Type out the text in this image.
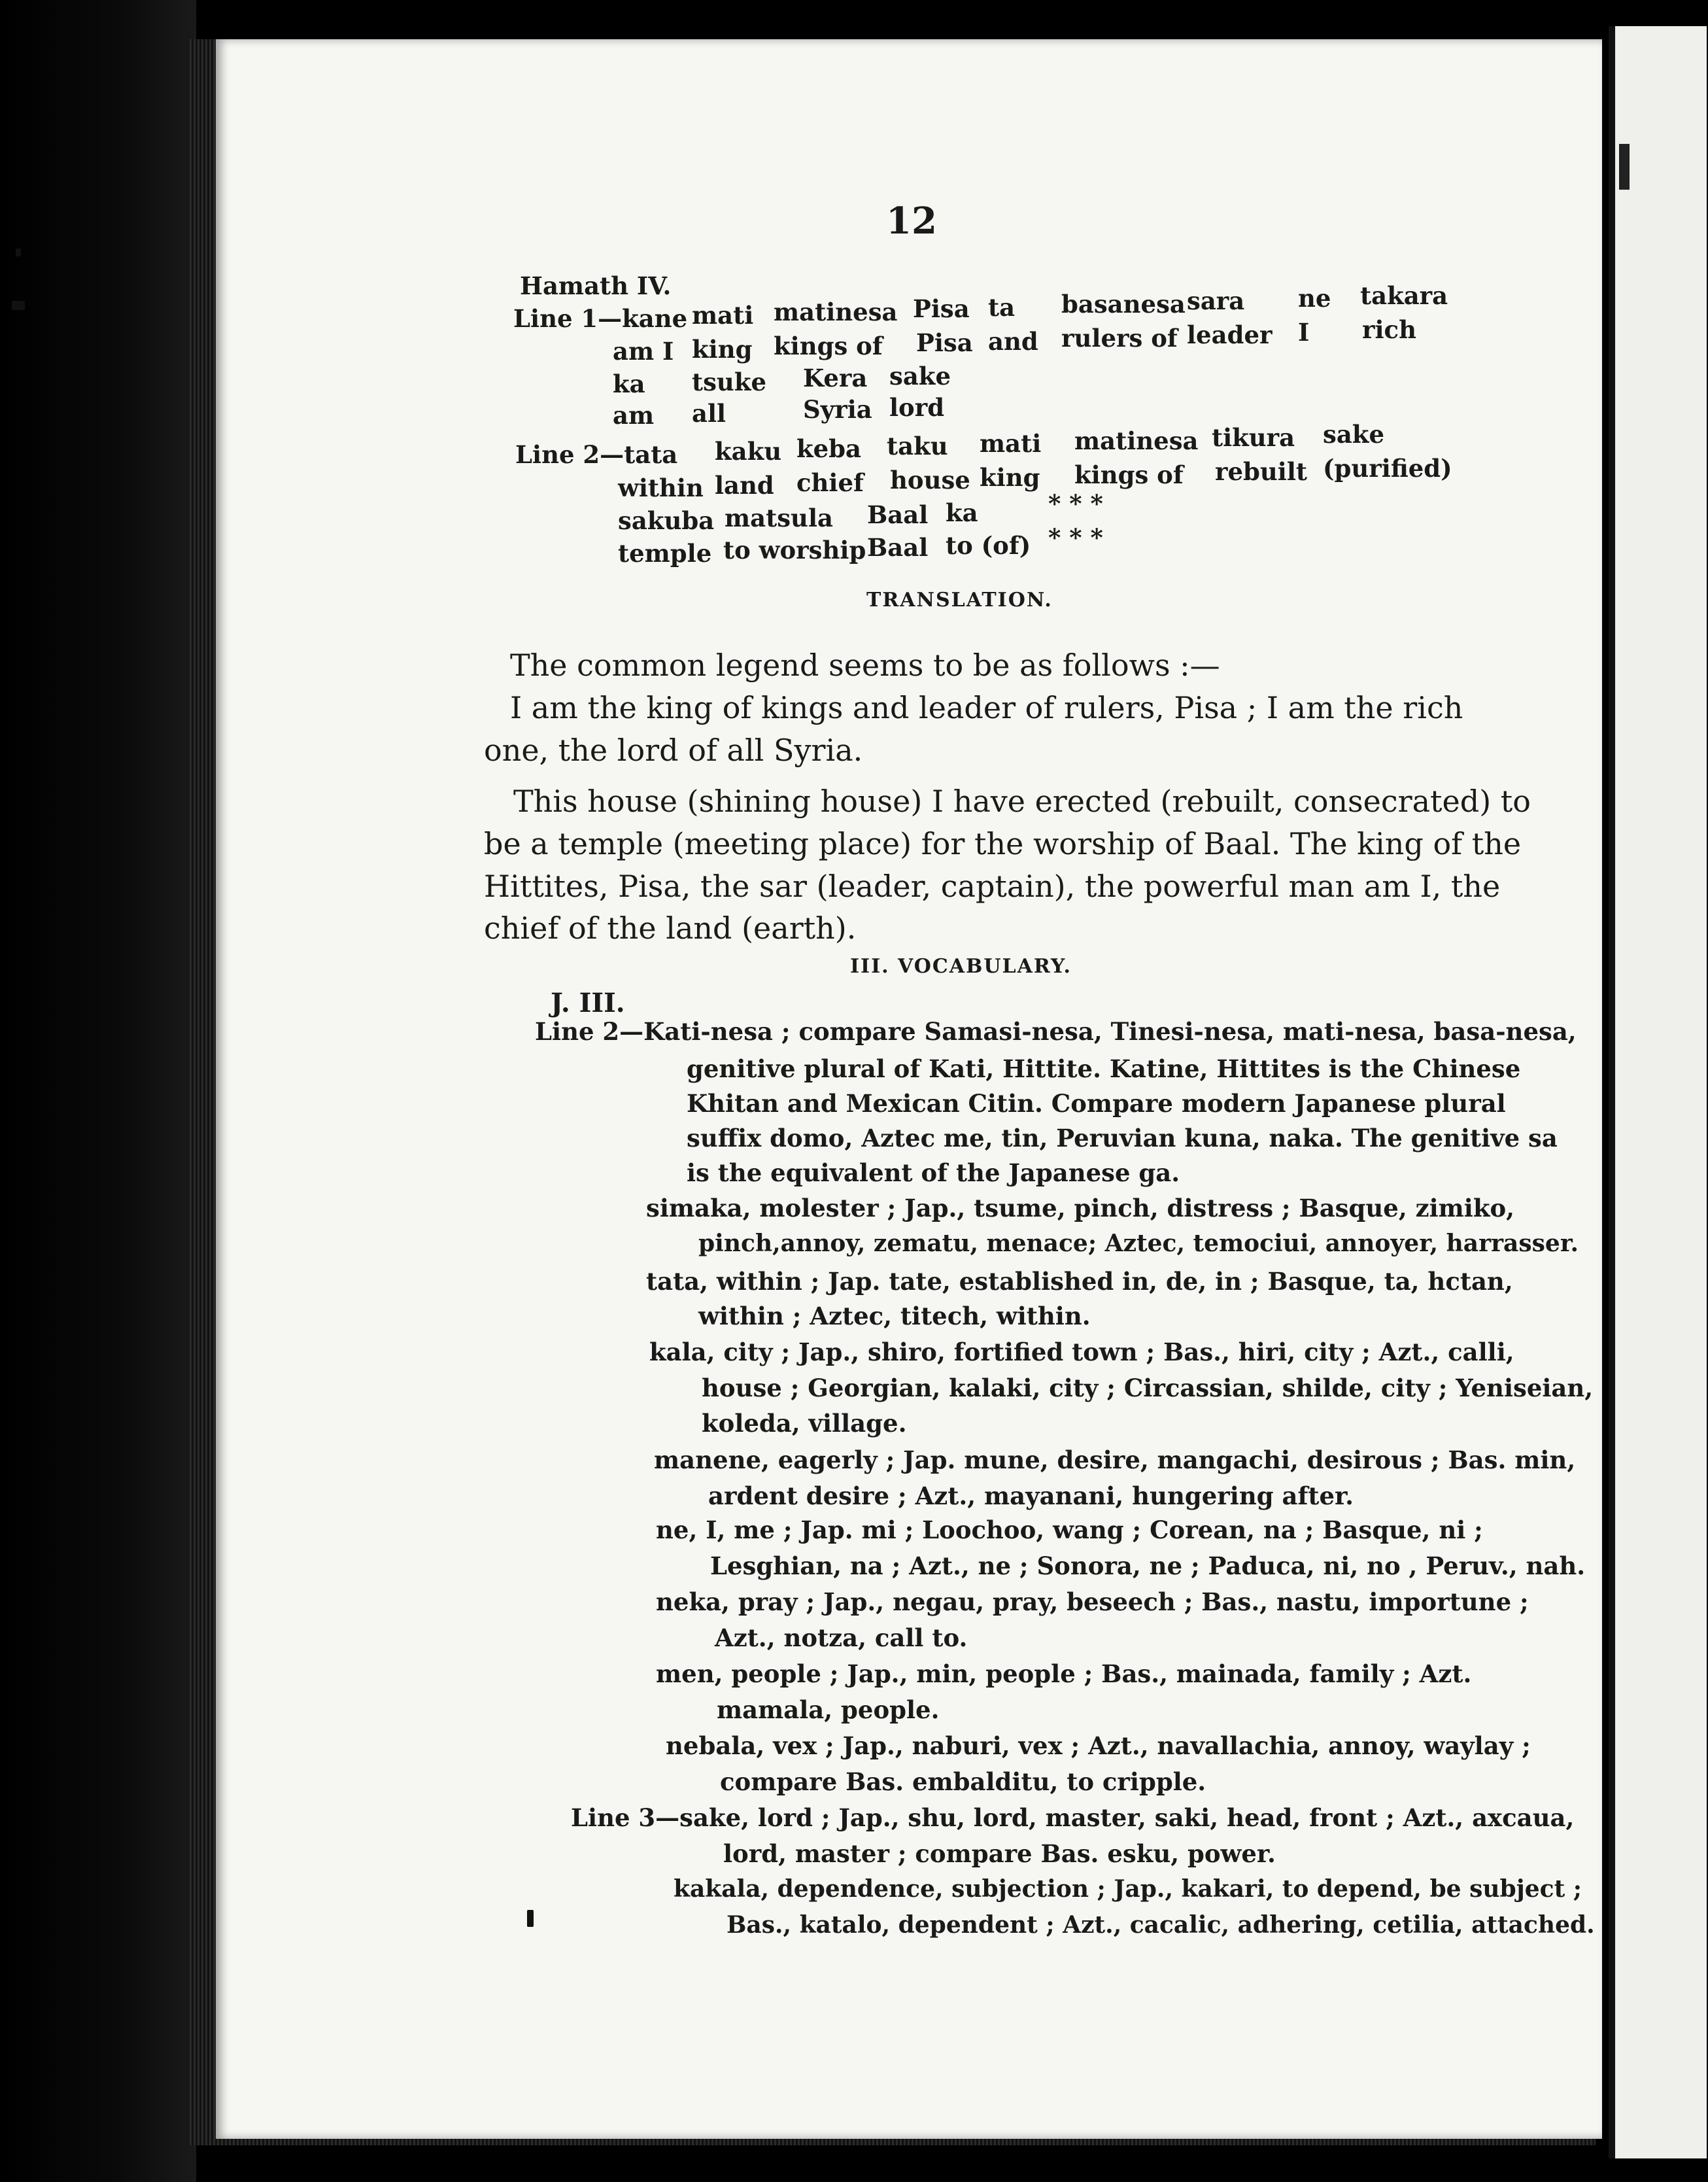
12
Hamath IV.
Line 1—kane mati matinesa Pisa ta basanesa sara ne takara
am I king kings of Pisa and rulers of leader I rich
ka tsuke Kera sake
am all	Syria lord
Line 2—tata kaku keba taku mati matinesa tikura sake
within land chief house king kings of rebuilt (purified)
sakuba matsula Baal ka	* * *
temple to worship Baal to (of) * * *
TRANSLATION.
The common legend seems to be as follows :—
I am the king of kings and leader of rulers, Pisa ; I am the rich
one, the lord of all Syria.
This house (shining house) I have erected (rebuilt, consecrated) to
be a temple (meeting place) for the worship of Baal. The king of the
Hittites, Pisa, the sar (leader, captain), the powerful man am I, the
chief of the land (earth).
III. VOCABULARY.
J. III.
Line 2—Kati-nesa ; compare Samasi-nesa, Tinesi-nesa, mati-nesa, basa-nesa,
genitive plural of Kati, Hittite. Katine, Hittites is the Chinese
Khitan and Mexican Citin. Compare modern Japanese plural
suffix domo, Aztec me, tin, Peruvian kuna, naka. The genitive sa
is the equivalent of the Japanese ga.
simaka, molester ; Jap., tsume, pinch, distress ; Basque, zimiko,
pinch,annoy, zematu, menace; Aztec, temociui, annoyer, harrasser.
tata, within ; Jap. tate, established in, de, in ; Basque, ta, hctan,
within ; Aztec, titech, within.
kala, city ; Jap., shiro, fortified town ; Bas., hiri, city ; Azt., calli,
house ; Georgian, kalaki, city ; Circassian, shilde, city ; Yeniseian,
koleda, village.
manene, eagerly ; Jap. mune, desire, mangachi, desirous ; Bas. min,
ardent desire ; Azt., mayanani, hungering after.
ne, I, me ; Jap. mi ; Loochoo, wang ; Corean, na ; Basque, ni ;
Lesghian, na ; Azt., ne ; Sonora, ne ; Paduca, ni, no , Peruv., nah.
neka, pray ; Jap., negau, pray, beseech ; Bas., nastu, importune ;
Azt., notza, call to.
men, people ; Jap., min, people ; Bas., mainada, family ; Azt.
mamala, people.
nebala, vex ; Jap., naburi, vex ; Azt., navallachia, annoy, waylay ;
compare Bas. embalditu, to cripple.
Line 3—sake, lord ; Jap., shu, lord, master, saki, head, front ; Azt., axcaua,
lord, master ; compare Bas. esku, power.
kakala, dependence, subjection ; Jap., kakari, to depend, be subject ;
Bas., katalo, dependent ; Azt., cacalic, adhering, cetilia, attached.
